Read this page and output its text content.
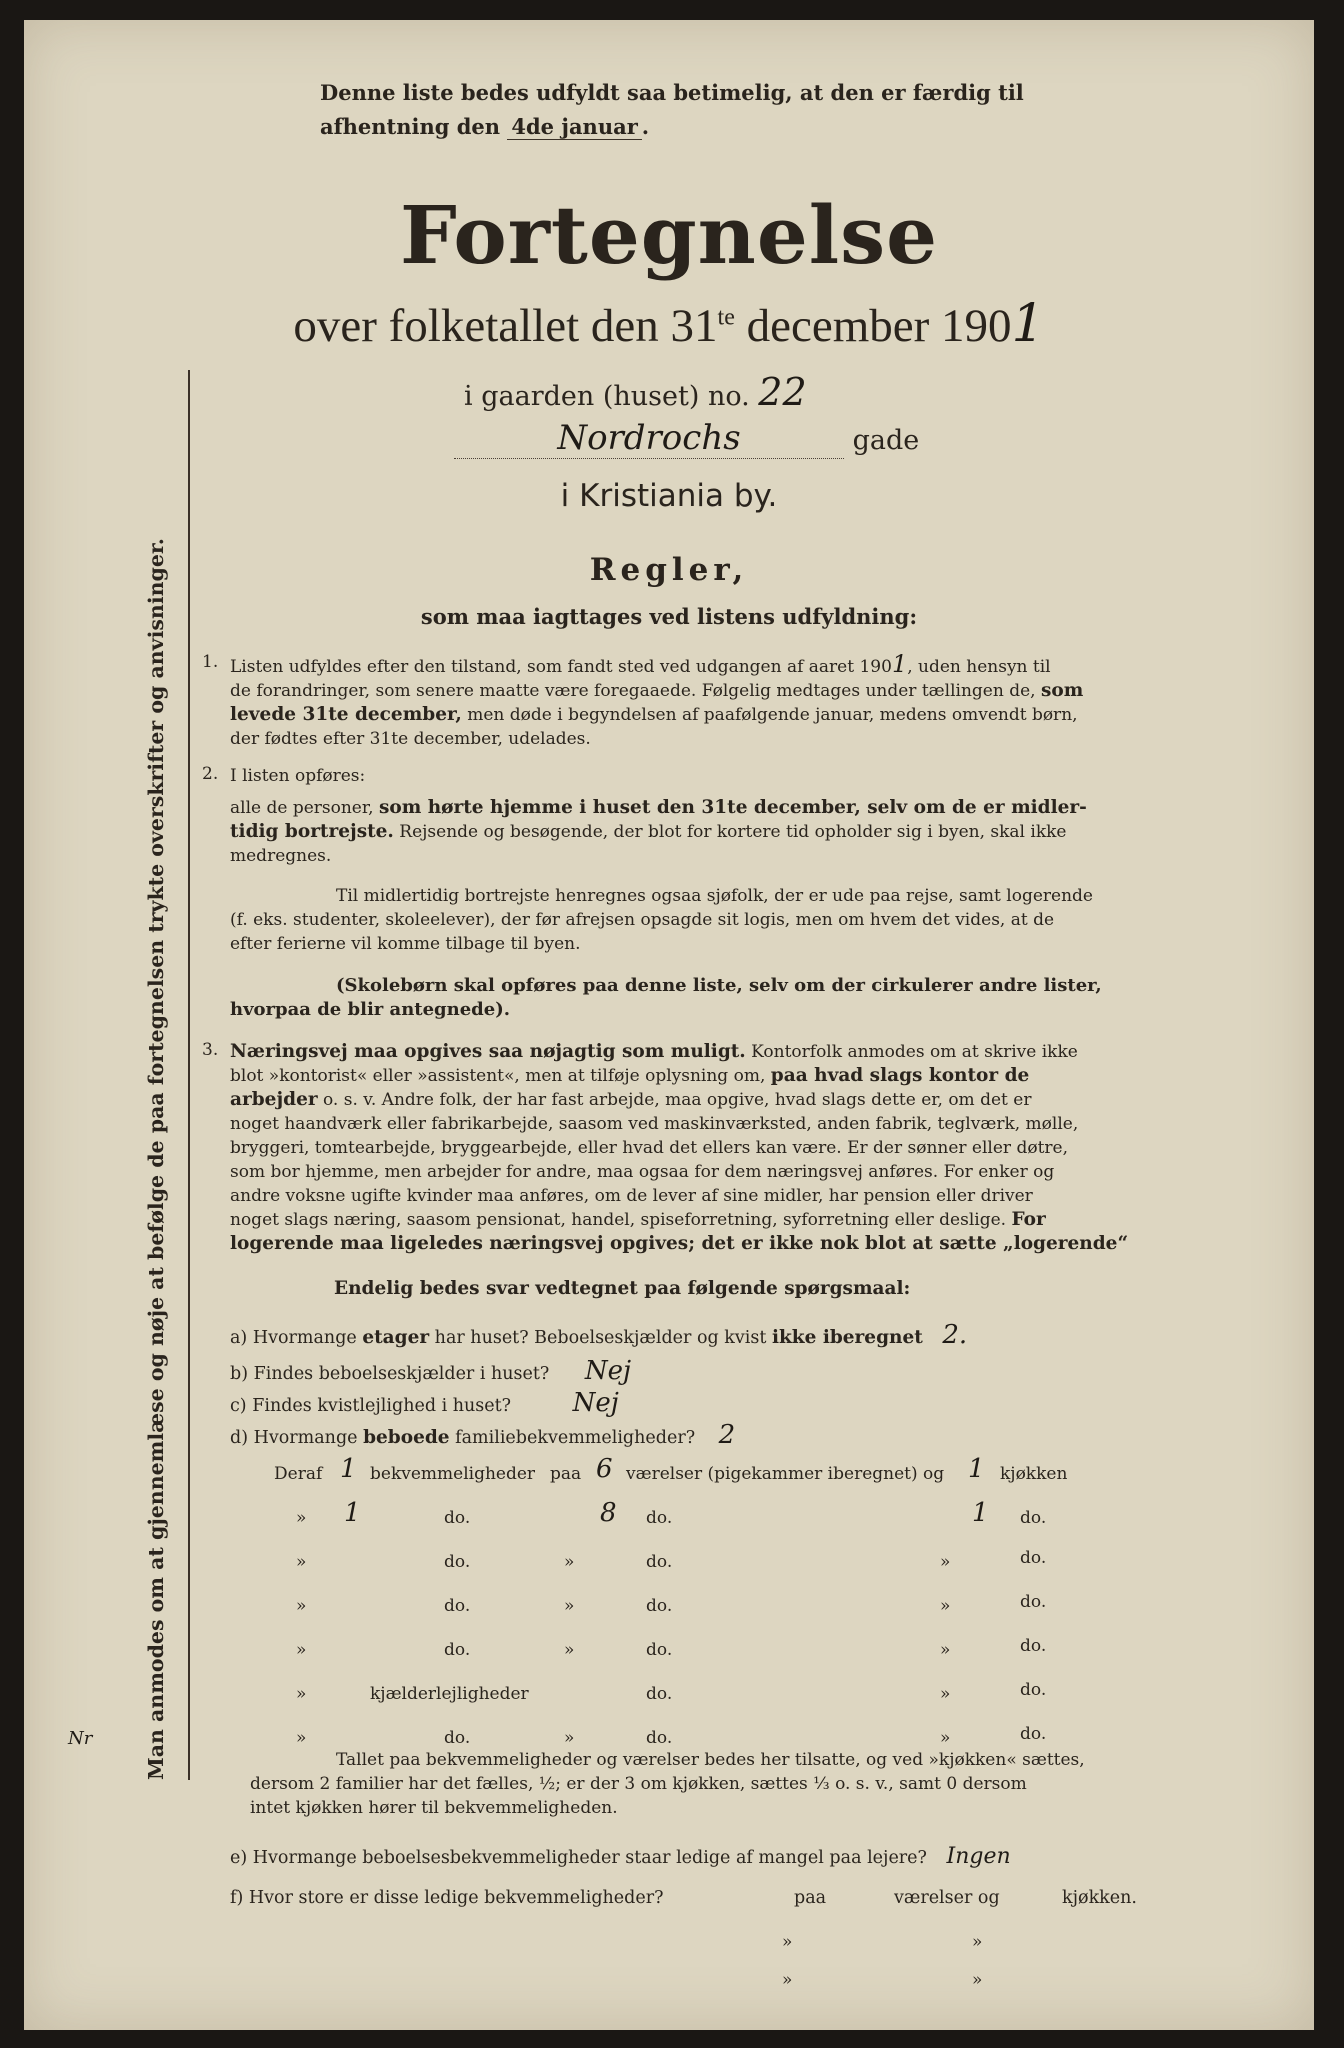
Denne liste bedes udfyldt saa betimelig, at den er færdig til
afhentning den 4de januar .
Fortegnelse
over folketallet den $31^{te}$ december 1901
i gaarden (huset) no. 22
Nordrochs	gade
i Kristiania by.
Regler,
som maa iagttages ved listens udfyldning:
1. Listen udfyldes efter den tilstand, som fandt sted ved udgangen af aaret 1901, uden hensyn til
de forandringer, som senere maatte være foregaaede. Følgelig medtages under tællingen de, som
levede 31te december, men døde i begyndelsen af paafølgende januar, medens omvendt børn,
der fødtes efter 31te december, udelades.
2. I listen opføres:
alle de personer, som hørte hjemme i huset den 31te december, selv om de er midler-
tidig bortrejste. Rejsende og besøgende, der blot for kortere tid opholder sig i byen, skal ikke
medregnes.
Til midlertidig bortrejste henregnes ogsaa sjøfolk, der er ude paa rejse, samt logerende
(f. eks. studenter, skoleelever), der før afrejsen opsagde sit logis, men om hvem det vides, at de
efter ferierne vil komme tilbage til byen.
(Skolebørn skal opføres paa denne liste, selv om der cirkulerer andre lister,
hvorpaa de blir antegnede).
3. Næringsvej maa opgives saa nøjagtig som muligt. Kontorfolk anmodes om at skrive ikke
blot »kontorist« eller »assistent«, men at tilføje oplysning om, paa hvad slags kontor de
arbejder o. s. v. Andre folk, der har fast arbejde, maa opgive, hvad slags dette er, om det er
noget haandværk eller fabrikarbejde, saasom ved maskinværksted, anden fabrik, teglværk, mølle,
bryggeri, tomtearbejde, bryggearbejde, eller hvad det ellers kan være. Er der sønner eller døtre,
som bor hjemme, men arbejder for andre, maa ogsaa for dem næringsvej anføres. For enker og
andre voksne ugifte kvinder maa anføres, om de lever af sine midler, har pension eller driver
noget slags næring, saasom pensionat, handel, spiseforretning, syforretning eller deslige. For
logerende maa ligeledes næringsvej opgives; det er ikke nok blot at sætte „logerende“
Endelig bedes svar vedtegnet paa følgende spørgsmaal:
a) Hvormange etager har huset? Beboelseskjælder og kvist ikke iberegnet 2.
b) Findes beboelseskjælder i huset? Nej
c) Findes kvistlejlighed i huset? Nej
d) Hvormange beboede familiebekvemmeligheder? 2
Deraf 1 bekvemmeligheder paa 6 værelser (pigekammer iberegnet) og 1 kjøkken
» 1	do.	8 do.	1 do.
»	do.	»	do.	»	do.
»	do.	»	do.	»	do.
»	do.	»	do.	»	do.
»	kjælderlejligheder	do.	»	do.
»	do.	»	do.	»	do.
Tallet paa bekvemmeligheder og værelser bedes her tilsatte, og ved »kjøkken« sættes,
dersom 2 familier har det fælles, ½; er der 3 om kjøkken, sættes ⅓ o. s. v., samt 0 dersom
intet kjøkken hører til bekvemmeligheden.
e) Hvormange beboelsesbekvemmeligheder staar ledige af mangel paa lejere? Ingen
f) Hvor store er disse ledige bekvemmeligheder?	paa	værelser og	kjøkken.
»	»
»	»
Man anmodes om at gjennemlæse og nøje at befølge de paa fortegnelsen trykte overskrifter og anvisninger.
Nr
